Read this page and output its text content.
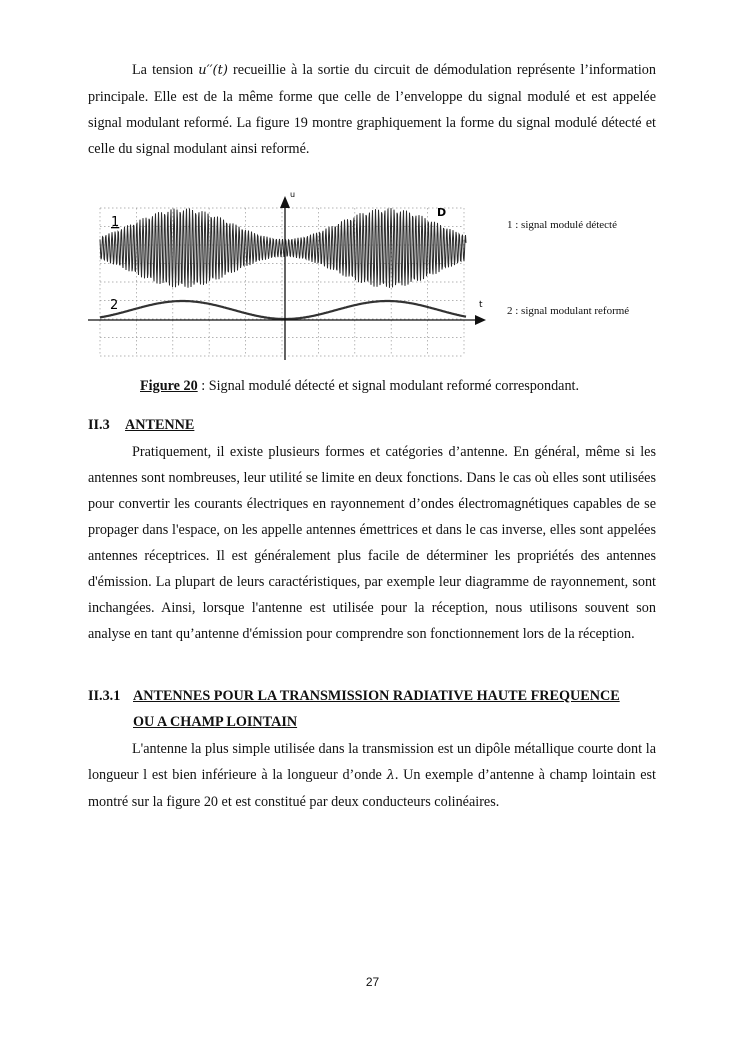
La tension u′′(t) recueillie à la sortie du circuit de démodulation représente l’information principale. Elle est de la même forme que celle de l’enveloppe du signal modulé et est appelée signal modulant reformé. La figure 19 montre graphiquement la forme du signal modulé détecté et celle du signal modulant ainsi reformé.
u
t
1
2
D
1 : signal modulé détecté
2 : signal modulant reformé
Figure 20 : Signal modulé détecté et signal modulant reformé correspondant.
II.3 ANTENNE
Pratiquement, il existe plusieurs formes et catégories d’antenne. En général, même si les antennes sont nombreuses, leur utilité se limite en deux fonctions. Dans le cas où elles sont utilisées pour convertir les courants électriques en rayonnement d’ondes électromagnétiques capables de se propager dans l'espace, on les appelle antennes émettrices et dans le cas inverse, elles sont appelées antennes réceptrices. Il est généralement plus facile de déterminer les propriétés des antennes d'émission. La plupart de leurs caractéristiques, par exemple leur diagramme de rayonnement, sont inchangées. Ainsi, lorsque l'antenne est utilisée pour la réception, nous utilisons souvent son analyse en tant qu’antenne d'émission pour comprendre son fonctionnement lors de la réception.
II.3.1 ANTENNES POUR LA TRANSMISSION RADIATIVE HAUTE FREQUENCE
OU A CHAMP LOINTAIN
L'antenne la plus simple utilisée dans la transmission est un dipôle métallique courte dont la longueur l est bien inférieure à la longueur d’onde λ. Un exemple d’antenne à champ lointain est montré sur la figure 20 et est constitué par deux conducteurs colinéaires.
27
